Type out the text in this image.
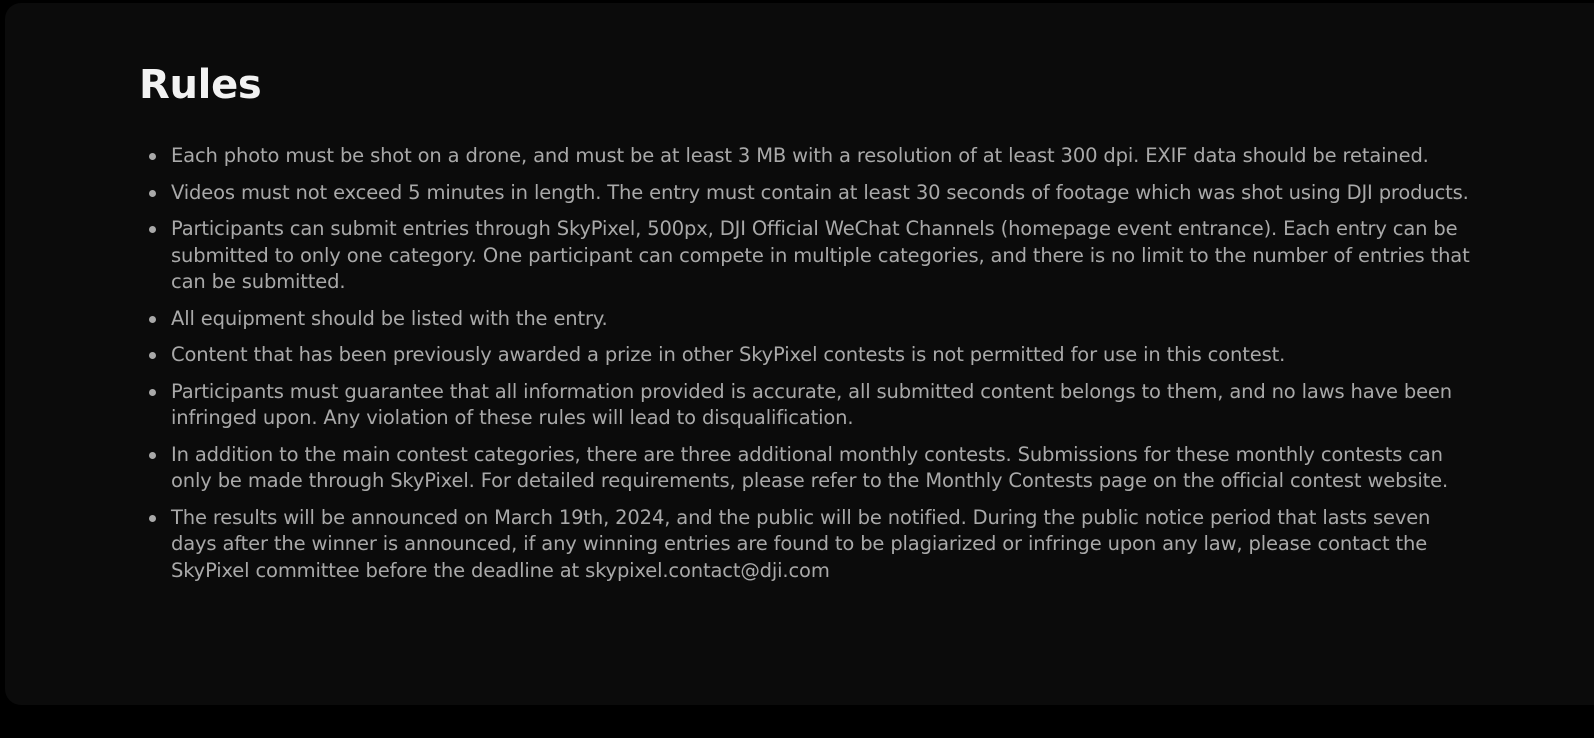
Rules
Each photo must be shot on a drone, and must be at least 3 MB with a resolution of at least 300 dpi. EXIF data should be retained.
Videos must not exceed 5 minutes in length. The entry must contain at least 30 seconds of footage which was shot using DJI products.
Participants can submit entries through SkyPixel, 500px, DJI Official WeChat Channels (homepage event entrance). Each entry can be submitted to only one category. One participant can compete in multiple categories, and there is no limit to the number of entries that can be submitted.
All equipment should be listed with the entry.
Content that has been previously awarded a prize in other SkyPixel contests is not permitted for use in this contest.
Participants must guarantee that all information provided is accurate, all submitted content belongs to them, and no laws have been infringed upon. Any violation of these rules will lead to disqualification.
In addition to the main contest categories, there are three additional monthly contests. Submissions for these monthly contests can only be made through SkyPixel. For detailed requirements, please refer to the Monthly Contests page on the official contest website.
The results will be announced on March 19th, 2024, and the public will be notified. During the public notice period that lasts seven days after the winner is announced, if any winning entries are found to be plagiarized or infringe upon any law, please contact the SkyPixel committee before the deadline at skypixel.contact@dji.com
